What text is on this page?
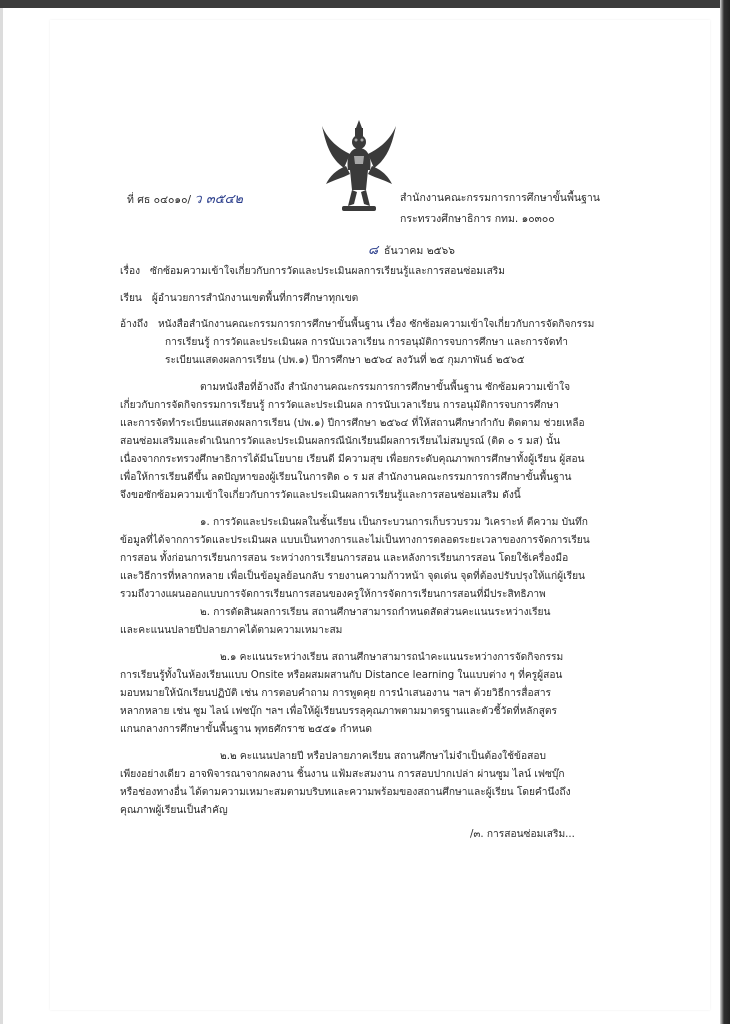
ที่ ศธ ๐๔๐๑๐/ ว ๓๕๔๒	สำนักงานคณะกรรมการการศึกษาขั้นพื้นฐาน
กระทรวงศึกษาธิการ กทม. ๑๐๓๐๐
๘ ธันวาคม ๒๕๖๖
เรื่อง ซักซ้อมความเข้าใจเกี่ยวกับการวัดและประเมินผลการเรียนรู้และการสอนซ่อมเสริม
เรียน ผู้อำนวยการสำนักงานเขตพื้นที่การศึกษาทุกเขต
อ้างถึง หนังสือสำนักงานคณะกรรมการการศึกษาขั้นพื้นฐาน เรื่อง ซักซ้อมความเข้าใจเกี่ยวกับการจัดกิจกรรม
การเรียนรู้ การวัดและประเมินผล การนับเวลาเรียน การอนุมัติการจบการศึกษา และการจัดทำ
ระเบียนแสดงผลการเรียน (ปพ.๑) ปีการศึกษา ๒๕๖๔ ลงวันที่ ๒๕ กุมภาพันธ์ ๒๕๖๕
ตามหนังสือที่อ้างถึง สำนักงานคณะกรรมการการศึกษาขั้นพื้นฐาน ซักซ้อมความเข้าใจ
เกี่ยวกับการจัดกิจกรรมการเรียนรู้ การวัดและประเมินผล การนับเวลาเรียน การอนุมัติการจบการศึกษา
และการจัดทำระเบียนแสดงผลการเรียน (ปพ.๑) ปีการศึกษา ๒๕๖๔ ที่ให้สถานศึกษากำกับ ติดตาม ช่วยเหลือ
สอนซ่อมเสริมและดำเนินการวัดและประเมินผลกรณีนักเรียนมีผลการเรียนไม่สมบูรณ์ (ติด ๐ ร มส) นั้น
เนื่องจากกระทรวงศึกษาธิการได้มีนโยบาย เรียนดี มีความสุข เพื่อยกระดับคุณภาพการศึกษาทั้งผู้เรียน ผู้สอน
เพื่อให้การเรียนดีขึ้น ลดปัญหาของผู้เรียนในการติด ๐ ร มส สำนักงานคณะกรรมการการศึกษาขั้นพื้นฐาน
จึงขอซักซ้อมความเข้าใจเกี่ยวกับการวัดและประเมินผลการเรียนรู้และการสอนซ่อมเสริม ดังนี้
๑. การวัดและประเมินผลในชั้นเรียน เป็นกระบวนการเก็บรวบรวม วิเคราะห์ ตีความ บันทึก
ข้อมูลที่ได้จากการวัดและประเมินผล แบบเป็นทางการและไม่เป็นทางการตลอดระยะเวลาของการจัดการเรียน
การสอน ทั้งก่อนการเรียนการสอน ระหว่างการเรียนการสอน และหลังการเรียนการสอน โดยใช้เครื่องมือ
และวิธีการที่หลากหลาย เพื่อเป็นข้อมูลย้อนกลับ รายงานความก้าวหน้า จุดเด่น จุดที่ต้องปรับปรุงให้แก่ผู้เรียน
รวมถึงวางแผนออกแบบการจัดการเรียนการสอนของครูให้การจัดการเรียนการสอนที่มีประสิทธิภาพ
๒. การตัดสินผลการเรียน สถานศึกษาสามารถกำหนดสัดส่วนคะแนนระหว่างเรียน
และคะแนนปลายปีปลายภาคได้ตามความเหมาะสม
๒.๑ คะแนนระหว่างเรียน สถานศึกษาสามารถนำคะแนนระหว่างการจัดกิจกรรม
การเรียนรู้ทั้งในห้องเรียนแบบ Onsite หรือผสมผสานกับ Distance learning ในแบบต่าง ๆ ที่ครูผู้สอน
มอบหมายให้นักเรียนปฏิบัติ เช่น การตอบคำถาม การพูดคุย การนำเสนองาน ฯลฯ ด้วยวิธีการสื่อสาร
หลากหลาย เช่น ซูม ไลน์ เฟซบุ๊ก ฯลฯ เพื่อให้ผู้เรียนบรรลุคุณภาพตามมาตรฐานและตัวชี้วัดที่หลักสูตร
แกนกลางการศึกษาขั้นพื้นฐาน พุทธศักราช ๒๕๕๑ กำหนด
๒.๒ คะแนนปลายปี หรือปลายภาคเรียน สถานศึกษาไม่จำเป็นต้องใช้ข้อสอบ
เพียงอย่างเดียว อาจพิจารณาจากผลงาน ชิ้นงาน แฟ้มสะสมงาน การสอบปากเปล่า ผ่านซูม ไลน์ เฟซบุ๊ก
หรือช่องทางอื่น ได้ตามความเหมาะสมตามบริบทและความพร้อมของสถานศึกษาและผู้เรียน โดยคำนึงถึง
คุณภาพผู้เรียนเป็นสำคัญ
/๓. การสอนซ่อมเสริม...
